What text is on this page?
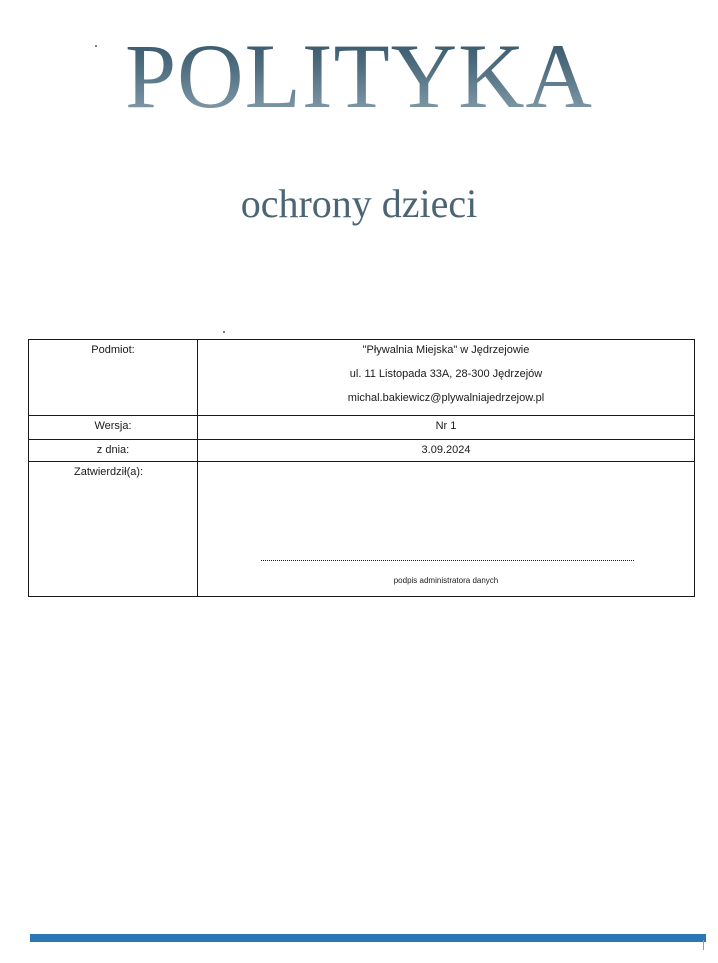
POLITYKA
ochrony dzieci
Podmiot:	"Pływalnia Miejska" w Jędrzejowie
ul. 11 Listopada 33A, 28-300 Jędrzejów
michal.bakiewicz@plywalniajedrzejow.pl

Wersja:	Nr 1

z dnia:	3.09.2024

Zatwierdził(a):	podpis administratora danych
